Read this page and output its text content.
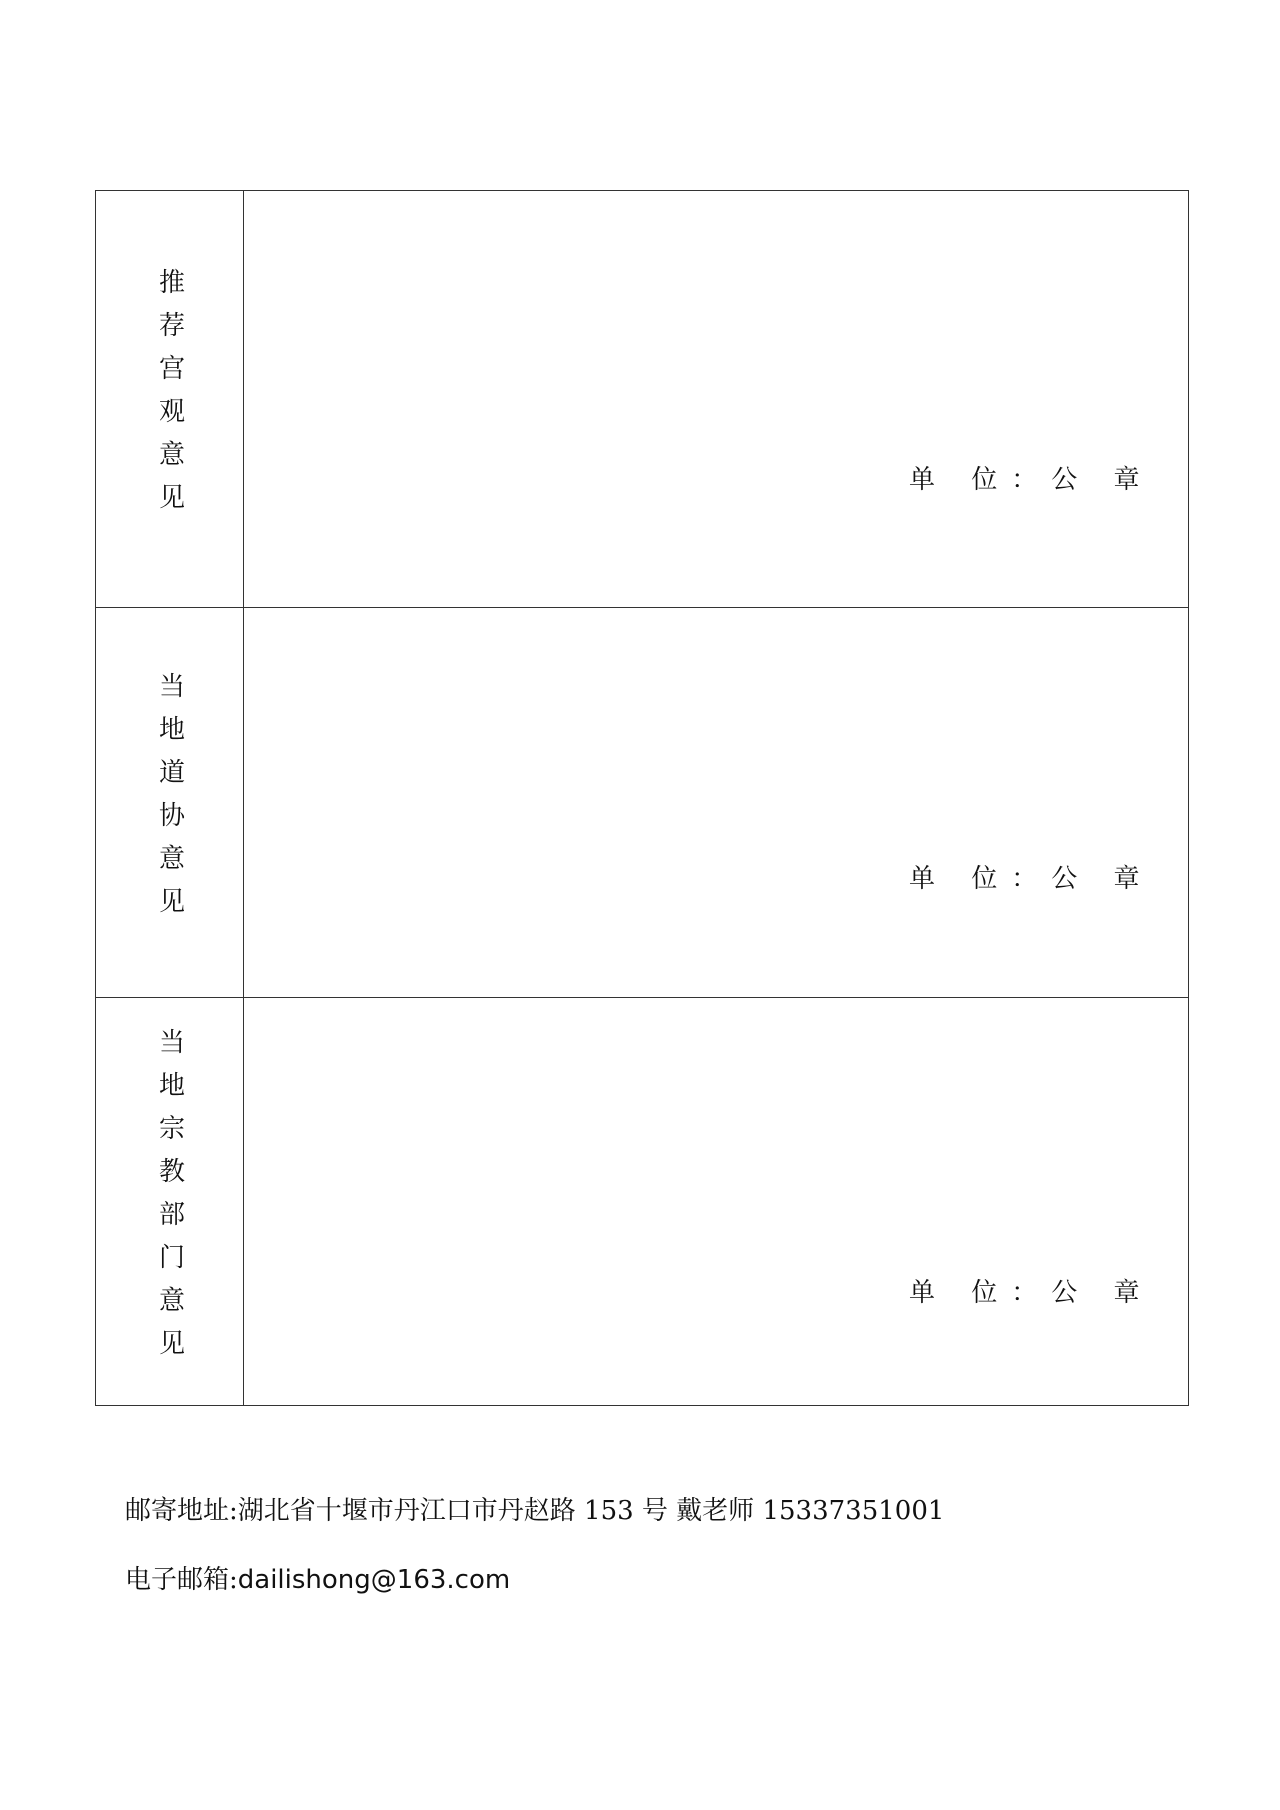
推荐宫观意见	单 位：公 章

当地道协意见	单 位：公 章

当地宗教部门意见	单 位：公 章
邮寄地址:湖北省十堰市丹江口市丹赵路 153 号 戴老师 15337351001
电子邮箱:dailishong@163.com
